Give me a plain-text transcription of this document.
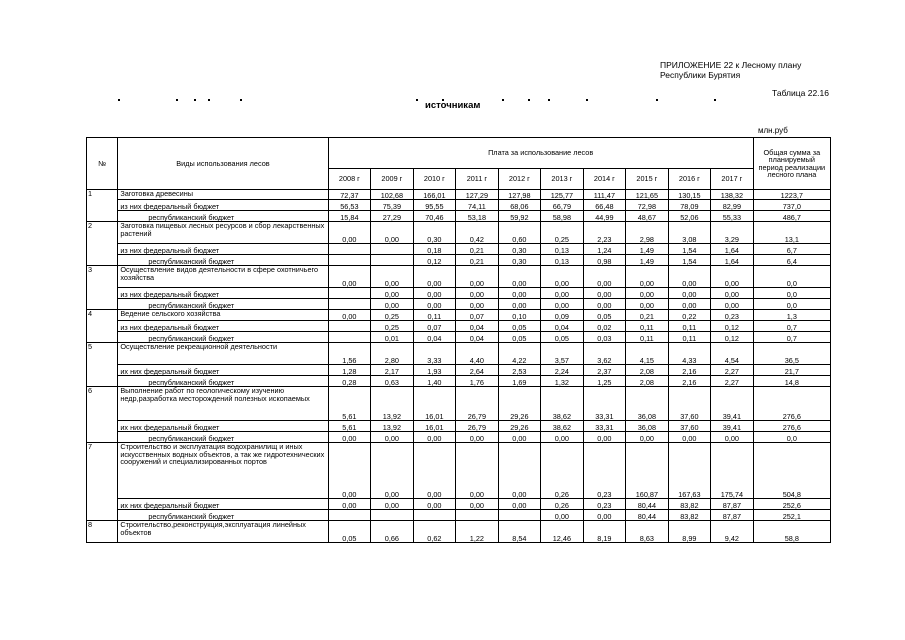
ПРИЛОЖЕНИЕ 22 к Лесному плану
Республики Бурятия
Таблица 22.16
источникам
млн.руб
№	Виды использования лесов	Плата за использование лесов										Общая сумма за планируемый период реализации лесного плана
		2008 г	2009 г	2010 г	2011 г	2012 г	2013 г	2014 г	2015 г	2016 г	2017 г	
1	Заготовка древесины	72,37	102,68	166,01	127,29	127,98	125,77	111,47	121,65	130,15	138,32	1223,7
	из них федеральный бюджет	56,53	75,39	95,55	74,11	68,06	66,79	66,48	72,98	78,09	82,99	737,0
	республиканский бюджет	15,84	27,29	70,46	53,18	59,92	58,98	44,99	48,67	52,06	55,33	486,7
2	Заготовка пищевых лесных ресурсов и сбор лекарственных растений	0,00	0,00	0,30	0,42	0,60	0,25	2,23	2,98	3,08	3,29	13,1
	из них федеральный бюджет			0,18	0,21	0,30	0,13	1,24	1,49	1,54	1,64	6,7
	республиканский бюджет			0,12	0,21	0,30	0,13	0,98	1,49	1,54	1,64	6,4
3	Осуществление видов деятельности в сфере охотничьего хозяйства	0,00	0,00	0,00	0,00	0,00	0,00	0,00	0,00	0,00	0,00	0,0
	из них федеральный бюджет		0,00	0,00	0,00	0,00	0,00	0,00	0,00	0,00	0,00	0,0
	республиканский бюджет		0,00	0,00	0,00	0,00	0,00	0,00	0,00	0,00	0,00	0,0
4	Ведение сельского хозяйства	0,00	0,25	0,11	0,07	0,10	0,09	0,05	0,21	0,22	0,23	1,3
	из них федеральный бюджет		0,25	0,07	0,04	0,05	0,04	0,02	0,11	0,11	0,12	0,7
	республиканский бюджет		0,01	0,04	0,04	0,05	0,05	0,03	0,11	0,11	0,12	0,7
5	Осуществление рекреационной деятельности	1,56	2,80	3,33	4,40	4,22	3,57	3,62	4,15	4,33	4,54	36,5
	их них федеральный бюджет	1,28	2,17	1,93	2,64	2,53	2,24	2,37	2,08	2,16	2,27	21,7
	республиканский бюджет	0,28	0,63	1,40	1,76	1,69	1,32	1,25	2,08	2,16	2,27	14,8
6	Выполнение работ по геологическому изучению недр,разработка месторождений полезных ископаемых	5,61	13,92	16,01	26,79	29,26	38,62	33,31	36,08	37,60	39,41	276,6
	их них федеральный бюджет	5,61	13,92	16,01	26,79	29,26	38,62	33,31	36,08	37,60	39,41	276,6
	республиканский бюджет	0,00	0,00	0,00	0,00	0,00	0,00	0,00	0,00	0,00	0,00	0,0
7	Строительство и эксплуатация водохранилищ и иных искусственных водных объектов, а так же гидротехнических сооружений и специализированных портов	0,00	0,00	0,00	0,00	0,00	0,26	0,23	160,87	167,63	175,74	504,8
	их них федеральный бюджет	0,00	0,00	0,00	0,00	0,00	0,26	0,23	80,44	83,82	87,87	252,6
	республиканский бюджет						0,00	0,00	80,44	83,82	87,87	252,1
8	Строительство,реконструкция,эксплуатация линейных объектов	0,05	0,66	0,62	1,22	8,54	12,46	8,19	8,63	8,99	9,42	58,8
